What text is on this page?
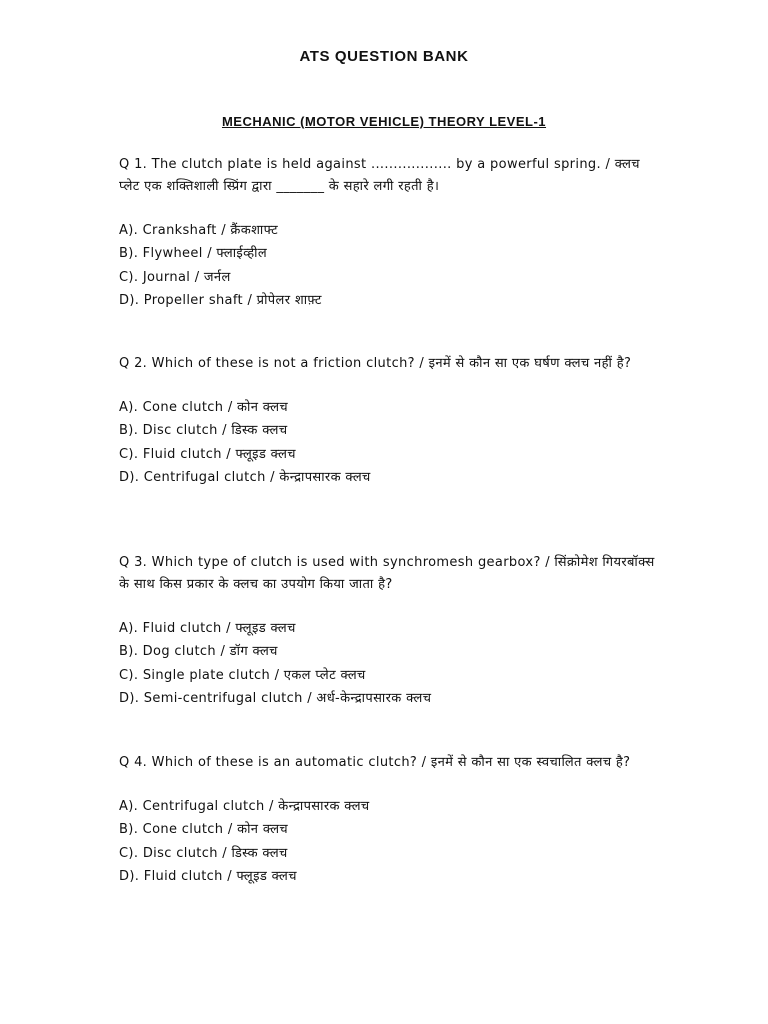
ATS QUESTION BANK
MECHANIC (MOTOR VEHICLE) THEORY LEVEL-1
Q 1. The clutch plate is held against .................. by a powerful spring. / क्लच प्लेट एक शक्तिशाली स्प्रिंग द्वारा _______ के सहारे लगी रहती है।
A). Crankshaft / क्रैंकशाफ्ट
B). Flywheel / फ्लाईव्हील
C). Journal / जर्नल
D). Propeller shaft / प्रोपेलर शाफ़्ट
Q 2. Which of these is not a friction clutch? / इनमें से कौन सा एक घर्षण क्लच नहीं है?
A). Cone clutch / कोन क्लच
B). Disc clutch / डिस्क क्लच
C). Fluid clutch / फ्लूइड क्लच
D). Centrifugal clutch / केन्द्रापसारक क्लच
Q 3. Which type of clutch is used with synchromesh gearbox? / सिंक्रोमेश गियरबॉक्स के साथ किस प्रकार के क्लच का उपयोग किया जाता है?
A). Fluid clutch / फ्लूइड क्लच
B). Dog clutch / डॉग क्लच
C). Single plate clutch / एकल प्लेट क्लच
D). Semi-centrifugal clutch / अर्ध-केन्द्रापसारक क्लच
Q 4. Which of these is an automatic clutch? / इनमें से कौन सा एक स्वचालित क्लच है?
A). Centrifugal clutch / केन्द्रापसारक क्लच
B). Cone clutch / कोन क्लच
C). Disc clutch / डिस्क क्लच
D). Fluid clutch / फ्लूइड क्लच
